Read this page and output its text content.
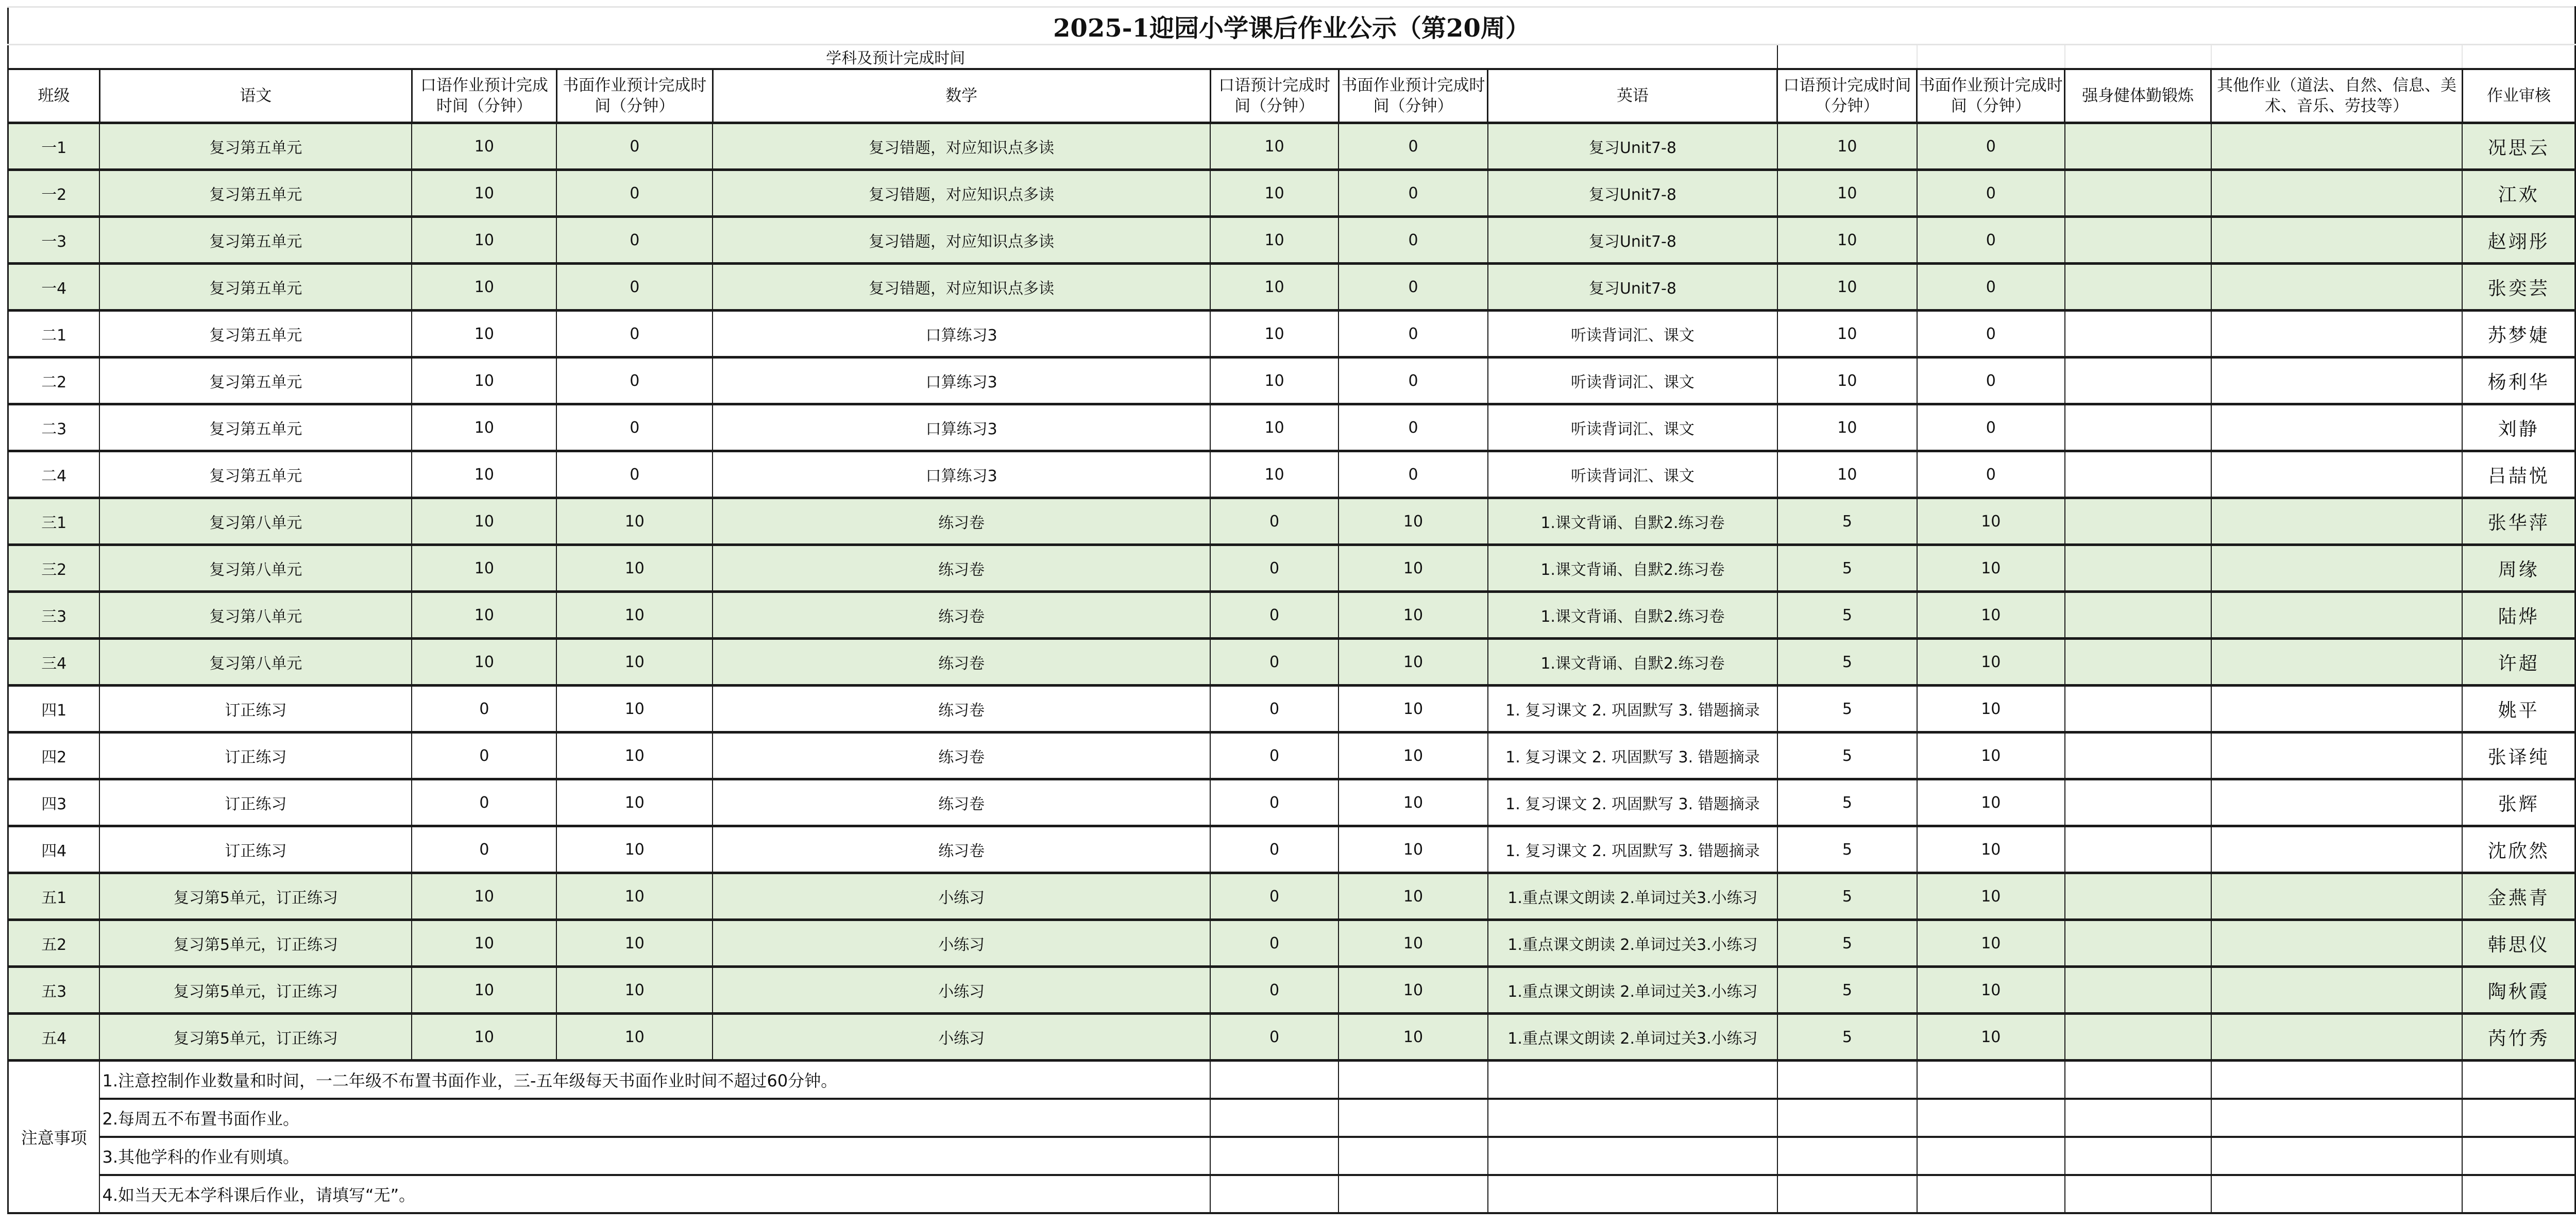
2025-1迎园小学课后作业公示（第20周）												
				学科及预计完成时间								
班级	语文	口语作业预计完成时间（分钟）	书面作业预计完成时间（分钟）	数学	口语预计完成时间（分钟）	书面作业预计完成时间（分钟）	英语	口语预计完成时间（分钟）	书面作业预计完成时间（分钟）	强身健体勤锻炼	其他作业（道法、自然、信息、美术、音乐、劳技等）	作业审核
一1	复习第五单元	10	0	复习错题，对应知识点多读	10	0	复习Unit7-8	10	0			况思云
一2	复习第五单元	10	0	复习错题，对应知识点多读	10	0	复习Unit7-8	10	0			江欢
一3	复习第五单元	10	0	复习错题，对应知识点多读	10	0	复习Unit7-8	10	0			赵翊彤
一4	复习第五单元	10	0	复习错题，对应知识点多读	10	0	复习Unit7-8	10	0			张奕芸
二1	复习第五单元	10	0	口算练习3	10	0	听读背词汇、课文	10	0			苏梦婕
二2	复习第五单元	10	0	口算练习3	10	0	听读背词汇、课文	10	0			杨利华
二3	复习第五单元	10	0	口算练习3	10	0	听读背词汇、课文	10	0			刘静
二4	复习第五单元	10	0	口算练习3	10	0	听读背词汇、课文	10	0			吕喆悦
三1	复习第八单元	10	10	练习卷	0	10	1.课文背诵、自默2.练习卷	5	10			张华萍
三2	复习第八单元	10	10	练习卷	0	10	1.课文背诵、自默2.练习卷	5	10			周缘
三3	复习第八单元	10	10	练习卷	0	10	1.课文背诵、自默2.练习卷	5	10			陆烨
三4	复习第八单元	10	10	练习卷	0	10	1.课文背诵、自默2.练习卷	5	10			许超
四1	订正练习	0	10	练习卷	0	10	1. 复习课文 2. 巩固默写 3. 错题摘录	5	10			姚平
四2	订正练习	0	10	练习卷	0	10	1. 复习课文 2. 巩固默写 3. 错题摘录	5	10			张译纯
四3	订正练习	0	10	练习卷	0	10	1. 复习课文 2. 巩固默写 3. 错题摘录	5	10			张辉
四4	订正练习	0	10	练习卷	0	10	1. 复习课文 2. 巩固默写 3. 错题摘录	5	10			沈欣然
五1	复习第5单元，订正练习	10	10	小练习	0	10	1.重点课文朗读 2.单词过关3.小练习	5	10			金燕青
五2	复习第5单元，订正练习	10	10	小练习	0	10	1.重点课文朗读 2.单词过关3.小练习	5	10			韩思仪
五3	复习第5单元，订正练习	10	10	小练习	0	10	1.重点课文朗读 2.单词过关3.小练习	5	10			陶秋霞
五4	复习第5单元，订正练习	10	10	小练习	0	10	1.重点课文朗读 2.单词过关3.小练习	5	10			芮竹秀
注意事项	1.注意控制作业数量和时间，一二年级不布置书面作业，三-五年级每天书面作业时间不超过60分钟。											
	2.每周五不布置书面作业。											
	3.其他学科的作业有则填。											
	4.如当天无本学科课后作业，请填写“无”。											
